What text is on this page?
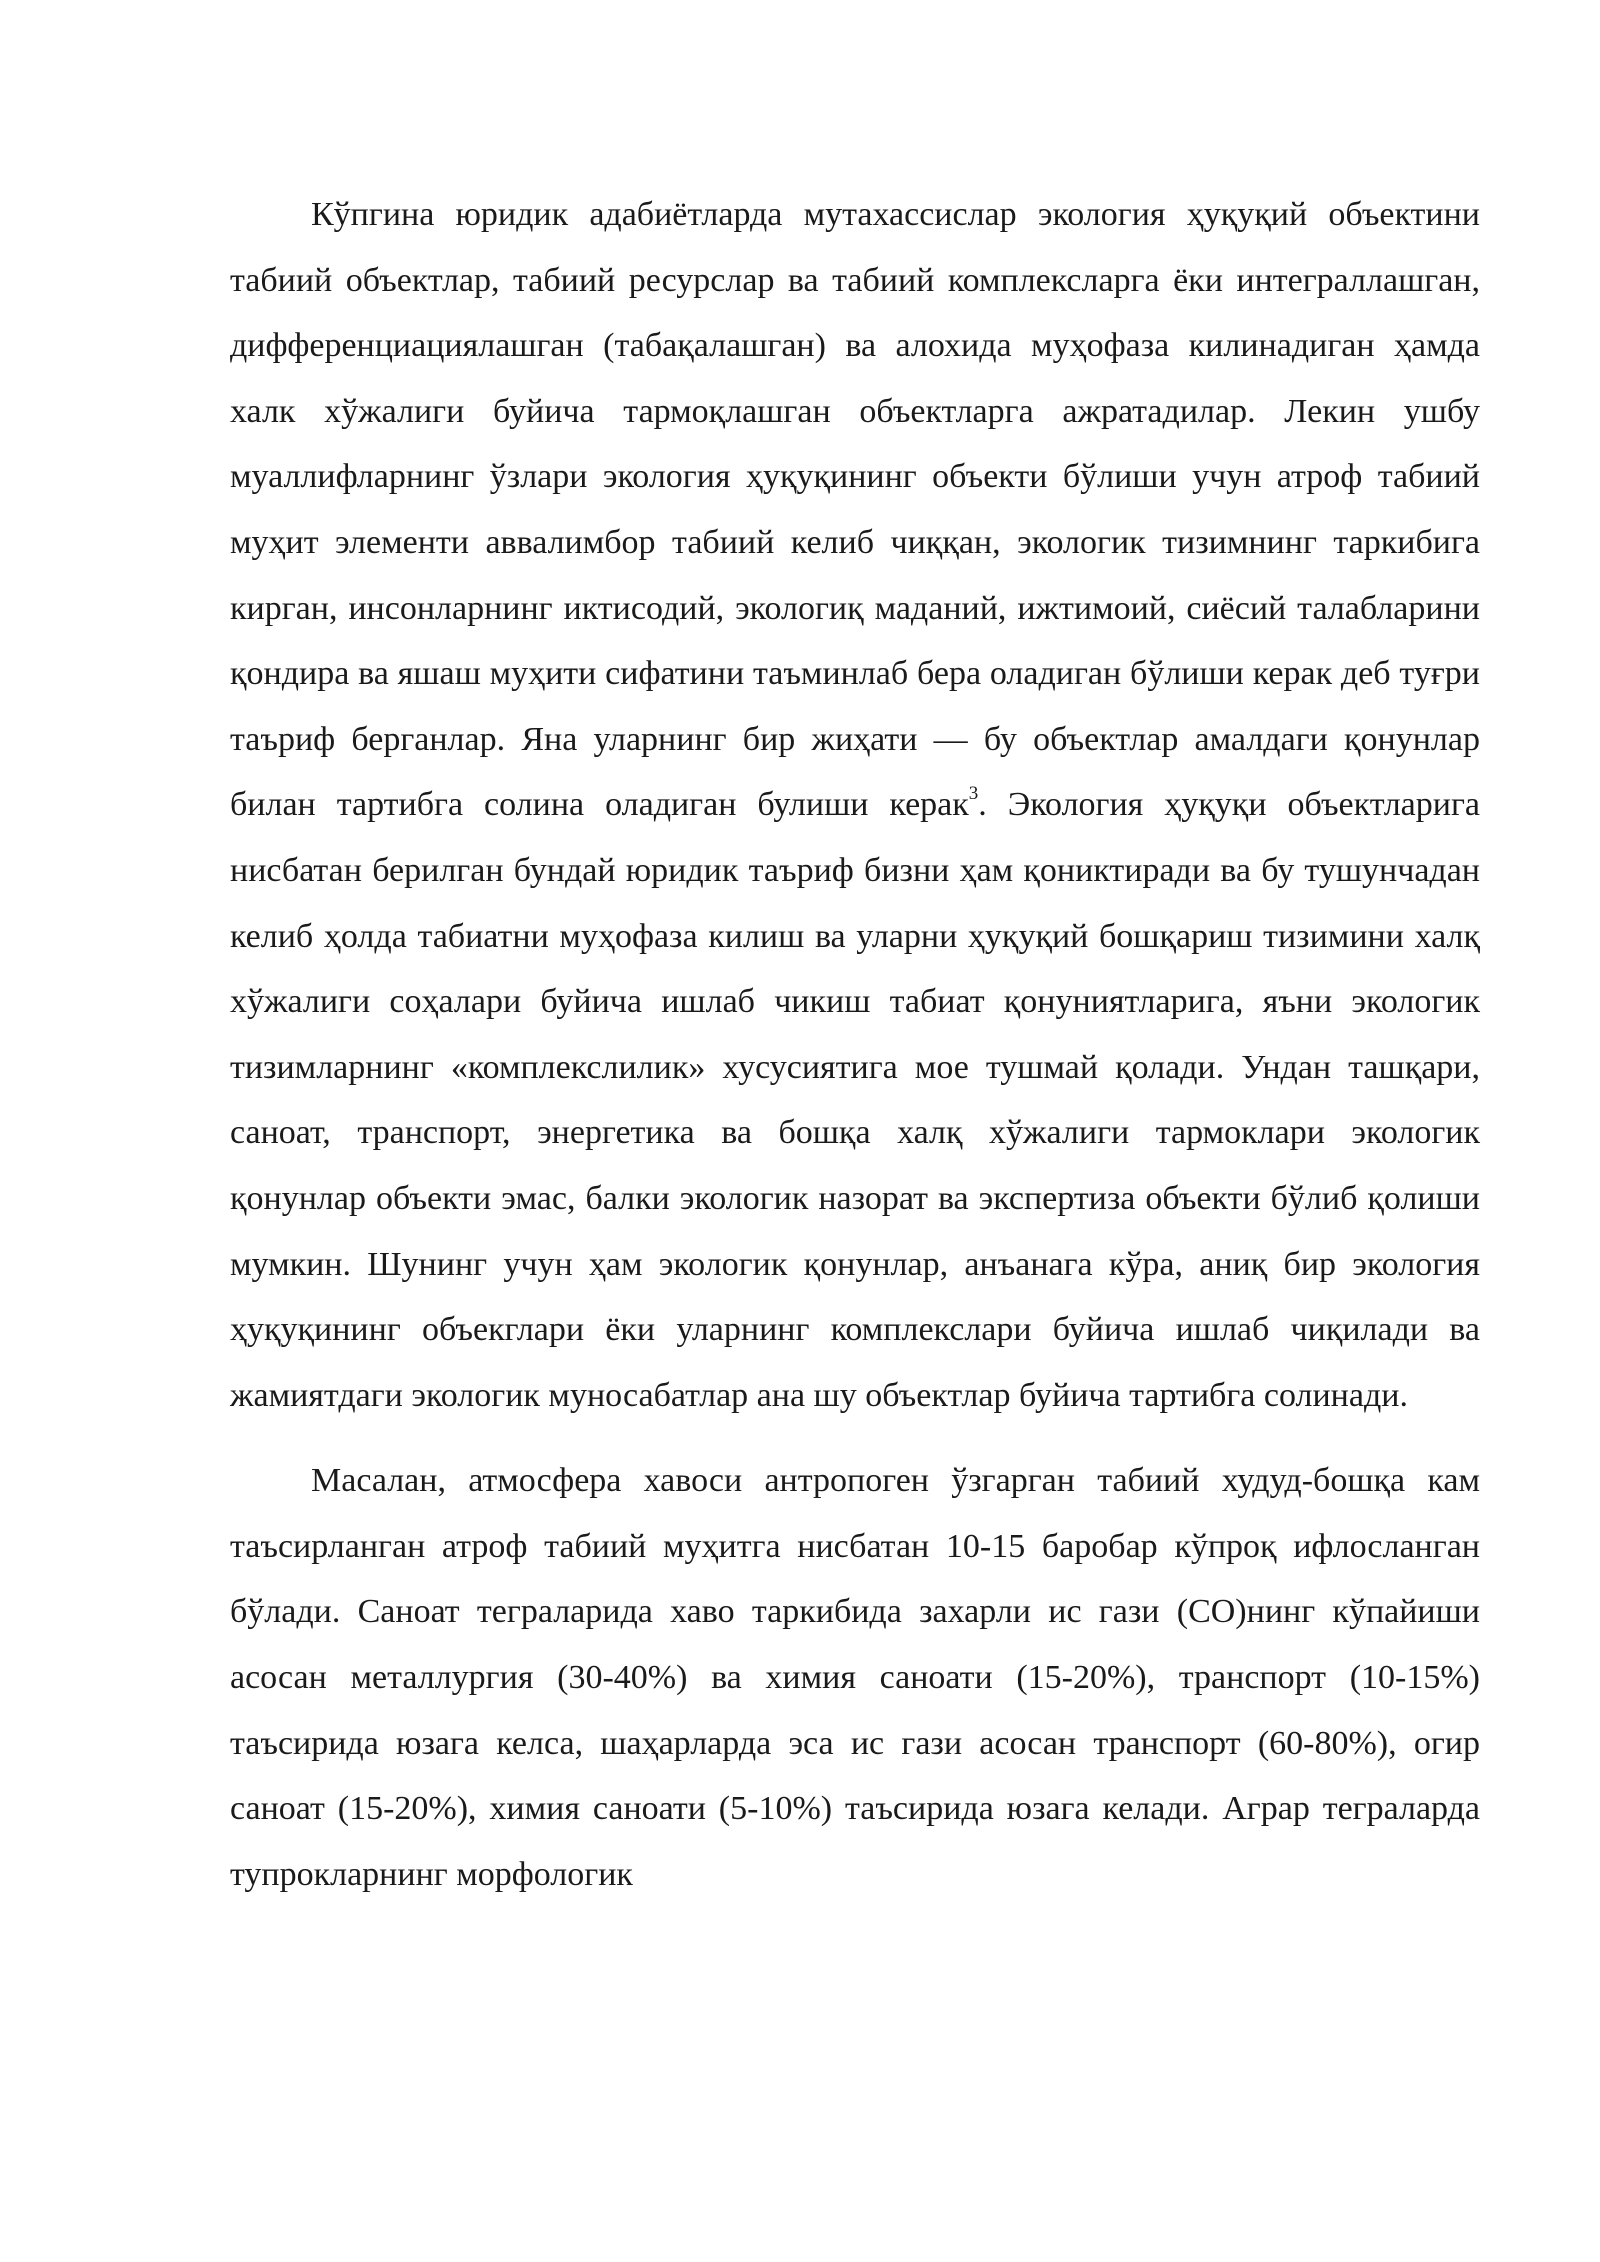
Кўпгина юридик адабиётларда мутахассислар экология ҳуқуқий объектини табиий объектлар, табиий ресурслар ва табиий комплексларга ёки интеграллашган, дифференциациялашган (табақалашган) ва алохида муҳофаза килинадиган ҳамда халк хўжалиги буйича тармоқлашган объектларга ажратадилар. Лекин ушбу муаллифларнинг ўзлари экология ҳуқуқининг объекти бўлиши учун атроф табиий муҳит элементи аввалимбор табиий келиб чиққан, экологик тизимнинг таркибига кирган, инсонларнинг иктисодий, экологиқ маданий, ижтимоий, сиёсий талабларини қондира ва яшаш муҳити сифатини таъминлаб бера оладиган бўлиши керак деб туғри таъриф берганлар. Яна уларнинг бир жиҳати — бу объектлар амалдаги қонунлар билан тартибга солина оладиган булиши керак$^3$. Экология ҳуқуқи объектларига нисбатан берилган бундай юридик таъриф бизни ҳам қониктиради ва бу тушунчадан келиб ҳолда табиатни муҳофаза килиш ва уларни ҳуқуқий бошқариш тизимини халқ хўжалиги соҳалари буйича ишлаб чикиш табиат қонуниятларига, яъни экологик тизимларнинг «комплекслилик» хусусиятига мое тушмай қолади. Ундан ташқари, саноат, транспорт, энергетика ва бошқа халқ хўжалиги тармоклари экологик қонунлар объекти эмас, балки экологик назорат ва экспертиза объекти бўлиб қолиши мумкин. Шунинг учун ҳам экологик қонунлар, анъанага кўра, аниқ бир экология ҳуқуқининг объекглари ёки уларнинг комплекслари буйича ишлаб чиқилади ва жамиятдаги экологик муносабатлар ана шу объектлар буйича тартибга солинади.

Масалан, атмосфера хавоси антропоген ўзгарган табиий худуд-бошқа кам таъсирланган атроф табиий муҳитга нисбатан 10-15 баробар кўпроқ ифлосланган бўлади. Саноат теграларида хаво таркибида захарли ис гази (СО)нинг кўпайиши асосан металлургия (30-40%) ва химия саноати (15-20%), транспорт (10-15%) таъсирида юзага келса, шаҳарларда эса ис гази асосан транспорт (60-80%), огир саноат (15-20%), химия саноати (5-10%) таъсирида юзага келади. Аграр теграларда тупрокларнинг морфологик
